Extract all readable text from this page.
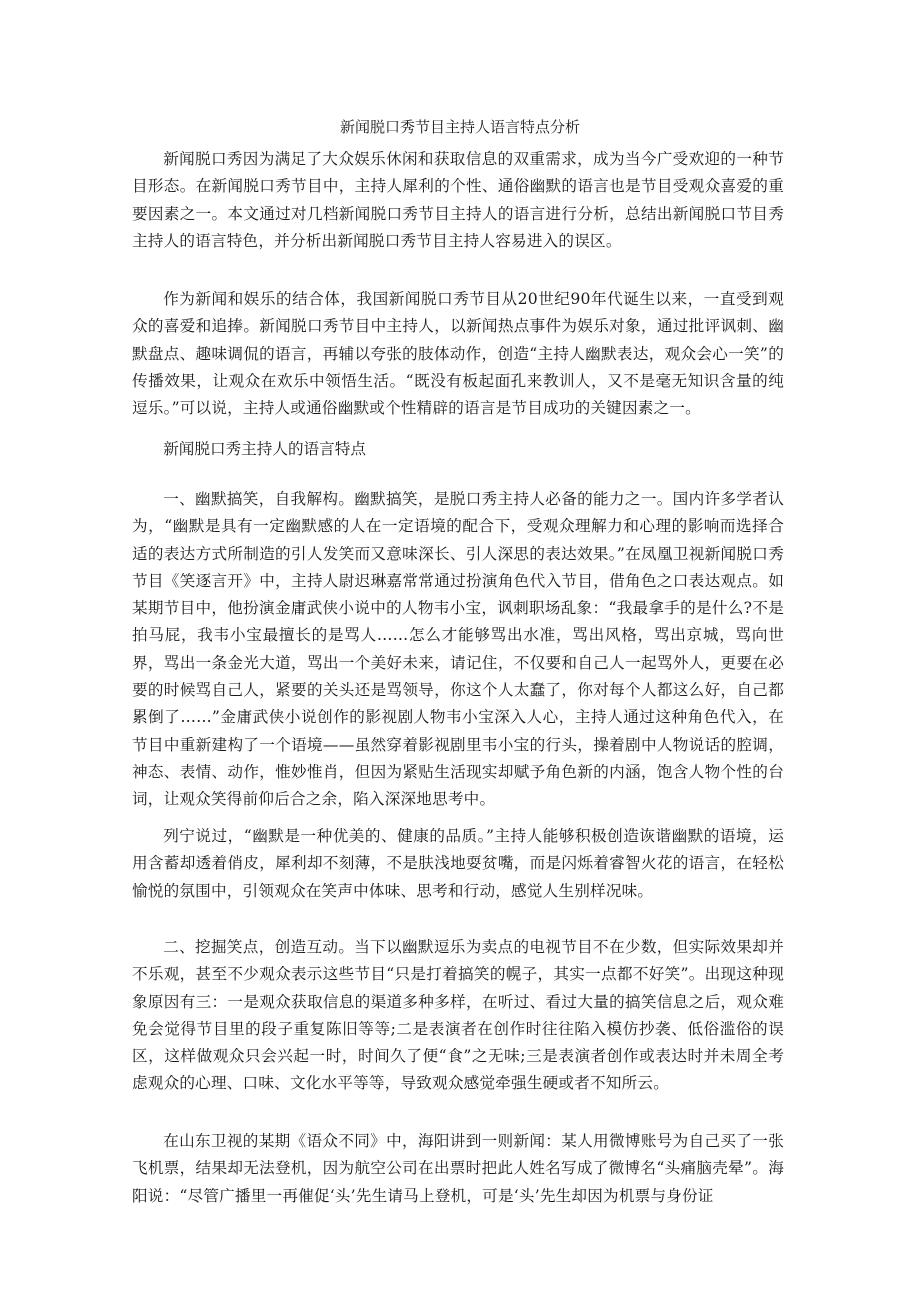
新闻脱口秀节目主持人语言特点分析

新闻脱口秀因为满足了大众娱乐休闲和获取信息的双重需求，成为当今广受欢迎的一种节目形态。在新闻脱口秀节目中，主持人犀利的个性、通俗幽默的语言也是节目受观众喜爱的重要因素之一。本文通过对几档新闻脱口秀节目主持人的语言进行分析，总结出新闻脱口节目秀主持人的语言特色，并分析出新闻脱口秀节目主持人容易进入的误区。

作为新闻和娱乐的结合体，我国新闻脱口秀节目从20世纪90年代诞生以来，一直受到观众的喜爱和追捧。新闻脱口秀节目中主持人，以新闻热点事件为娱乐对象，通过批评讽刺、幽默盘点、趣味调侃的语言，再辅以夸张的肢体动作，创造“主持人幽默表达，观众会心一笑”的传播效果，让观众在欢乐中领悟生活。“既没有板起面孔来教训人，又不是毫无知识含量的纯逗乐。”可以说，主持人或通俗幽默或个性精辟的语言是节目成功的关键因素之一。

新闻脱口秀主持人的语言特点

一、幽默搞笑，自我解构。幽默搞笑，是脱口秀主持人必备的能力之一。国内许多学者认为，“幽默是具有一定幽默感的人在一定语境的配合下，受观众理解力和心理的影响而选择合适的表达方式所制造的引人发笑而又意味深长、引人深思的表达效果。”在凤凰卫视新闻脱口秀节目《笑逐言开》中，主持人尉迟琳嘉常常通过扮演角色代入节目，借角色之口表达观点。如某期节目中，他扮演金庸武侠小说中的人物韦小宝，讽刺职场乱象：“我最拿手的是什么?不是拍马屁，我韦小宝最擅长的是骂人……怎么才能够骂出水准，骂出风格，骂出京城，骂向世界，骂出一条金光大道，骂出一个美好未来，请记住，不仅要和自己人一起骂外人，更要在必要的时候骂自己人，紧要的关头还是骂领导，你这个人太蠢了，你对每个人都这么好，自己都累倒了……”金庸武侠小说创作的影视剧人物韦小宝深入人心，主持人通过这种角色代入，在节目中重新建构了一个语境——虽然穿着影视剧里韦小宝的行头，操着剧中人物说话的腔调，神态、表情、动作，惟妙惟肖，但因为紧贴生活现实却赋予角色新的内涵，饱含人物个性的台词，让观众笑得前仰后合之余，陷入深深地思考中。

列宁说过，“幽默是一种优美的、健康的品质。”主持人能够积极创造诙谐幽默的语境，运用含蓄却透着俏皮，犀利却不刻薄，不是肤浅地耍贫嘴，而是闪烁着睿智火花的语言，在轻松愉悦的氛围中，引领观众在笑声中体味、思考和行动，感觉人生别样况味。

二、挖掘笑点，创造互动。当下以幽默逗乐为卖点的电视节目不在少数，但实际效果却并不乐观，甚至不少观众表示这些节目“只是打着搞笑的幌子，其实一点都不好笑”。出现这种现象原因有三：一是观众获取信息的渠道多种多样，在听过、看过大量的搞笑信息之后，观众难免会觉得节目里的段子重复陈旧等等;二是表演者在创作时往往陷入模仿抄袭、低俗滥俗的误区，这样做观众只会兴起一时，时间久了便“食”之无味;三是表演者创作或表达时并未周全考虑观众的心理、口味、文化水平等等，导致观众感觉牵强生硬或者不知所云。

在山东卫视的某期《语众不同》中，海阳讲到一则新闻：某人用微博账号为自己买了一张飞机票，结果却无法登机，因为航空公司在出票时把此人姓名写成了微博名“头痛脑壳晕”。海阳说：“尽管广播里一再催促‘头’先生请马上登机，可是‘头’先生却因为机票与身份证
